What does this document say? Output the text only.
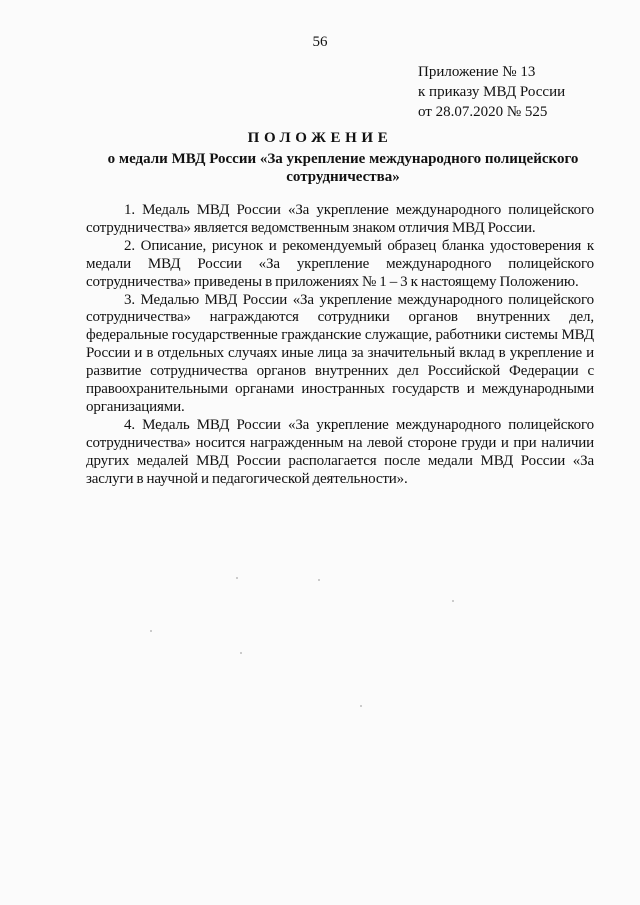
56
Приложение № 13
к приказу МВД России
от 28.07.2020 № 525
ПОЛОЖЕНИЕ
о медали МВД России «За укрепление международного полицейского сотрудничества»

1. Медаль МВД России «За укрепление международного полицейского сотрудничества» является ведомственным знаком отличия МВД России.

2. Описание, рисунок и рекомендуемый образец бланка удостоверения к медали МВД России «За укрепление международного полицейского сотрудничества» приведены в приложениях № 1 – 3 к настоящему Положению.

3. Медалью МВД России «За укрепление международного полицейского сотрудничества» награждаются сотрудники органов внутренних дел, федеральные государственные гражданские служащие, работники системы МВД России и в отдельных случаях иные лица за значительный вклад в укрепление и развитие сотрудничества органов внутренних дел Российской Федерации с правоохранительными органами иностранных государств и международными организациями.

4. Медаль МВД России «За укрепление международного полицейского сотрудничества» носится награжденным на левой стороне груди и при наличии других медалей МВД России располагается после медали МВД России «За заслуги в научной и педагогической деятельности».
